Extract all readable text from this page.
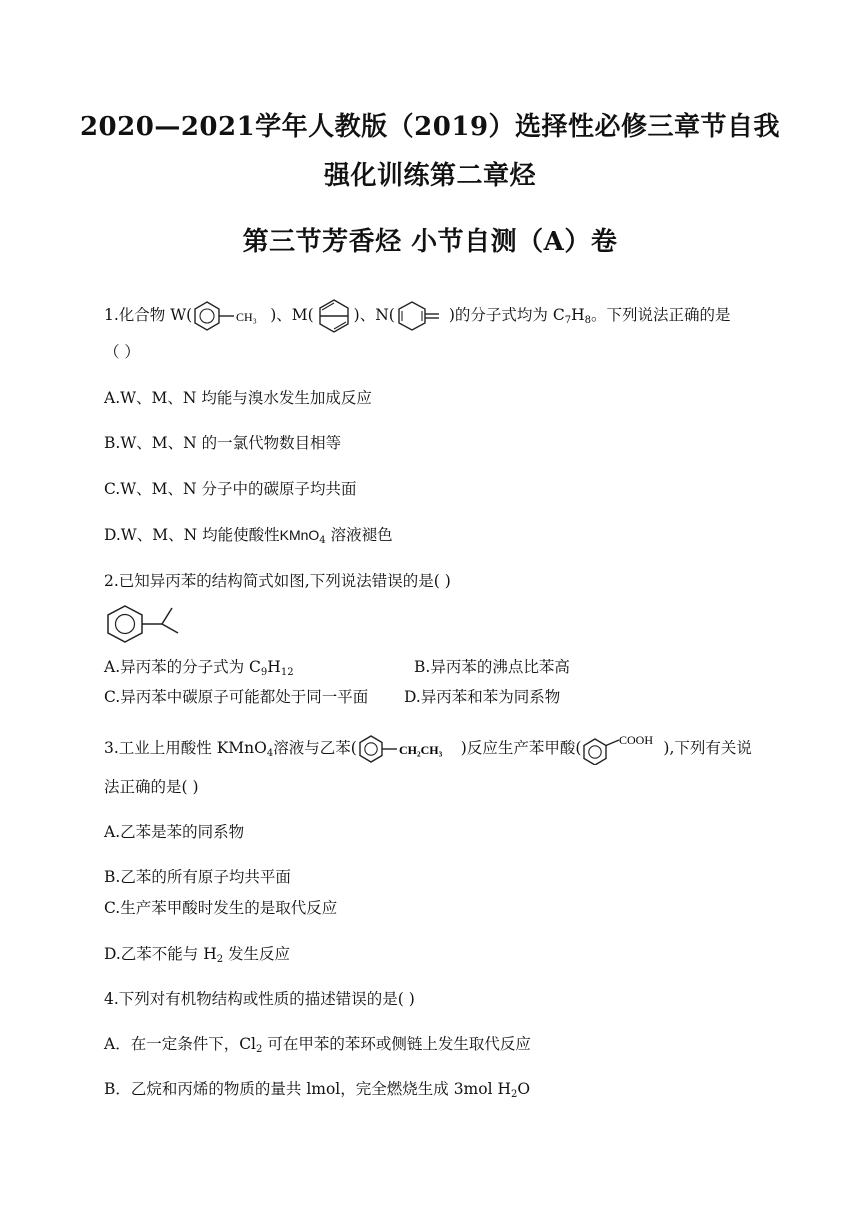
2020—2021学年人教版（2019）选择性必修三章节自我
强化训练第二章烃
第三节芳香烃 小节自测（A）卷
1.化合物 W(	CH₃ )、M(	)、N(	)的分子式均为 $C_7H_8$。下列说法正确的是
（ ）
A.W、M、N 均能与溴水发生加成反应
B.W、M、N 的一氯代物数目相等
C.W、M、N 分子中的碳原子均共面
D.W、M、N 均能使酸性KMnO$_4$ 溶液褪色
2.已知异丙苯的结构简式如图,下列说法错误的是( )
A.异丙苯的分子式为 $C_9H_{12}$	B.异丙苯的沸点比苯高
C.异丙苯中碳原子可能都处于同一平面 D.异丙苯和苯为同系物
3.工业上用酸性 KMnO$_4$溶液与乙苯(	CH₂CH₃ )反应生产苯甲酸(	COOH ),下列有关说
法正确的是( )
A.乙苯是苯的同系物
B.乙苯的所有原子均共平面
C.生产苯甲酸时发生的是取代反应
D.乙苯不能与 $H_2$ 发生反应
4.下列对有机物结构或性质的描述错误的是( )
A．在一定条件下，$Cl_2$ 可在甲苯的苯环或侧链上发生取代反应
B．乙烷和丙烯的物质的量共 lmol，完全燃烧生成 3mol $H_2O$
